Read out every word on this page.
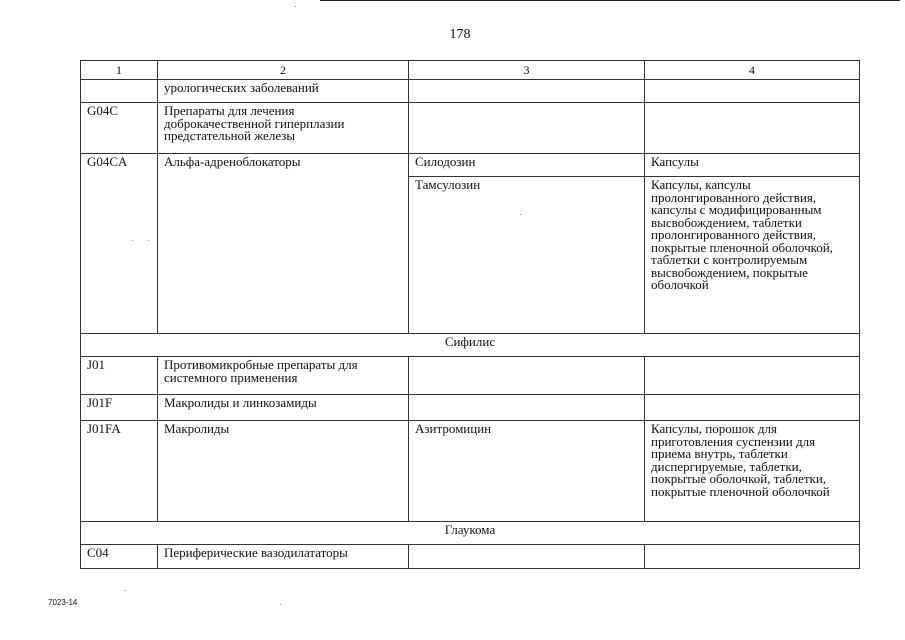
178
1	2	3	4
	урологических заболеваний		
G04C	Препараты для лечения доброкачественной гиперплазии предстательной железы		
G04CA	Альфа-адреноблокаторы	Силодозин	Капсулы
		Тамсулозин	Капсулы, капсулы пролонгированного действия, капсулы с модифицированным высвобождением, таблетки пролонгированного действия, покрытые пленочной оболочкой, таблетки с контролируемым высвобождением, покрытые оболочкой
Сифилис			
J01	Противомикробные препараты для системного применения		
J01F	Макролиды и линкозамиды		
J01FA	Макролиды	Азитромицин	Капсулы, порошок для приготовления суспензии для приема внутрь, таблетки диспергируемые, таблетки, покрытые оболочкой, таблетки, покрытые пленочной оболочкой
Глаукома			
C04	Периферические вазодилататоры		
7023-14
